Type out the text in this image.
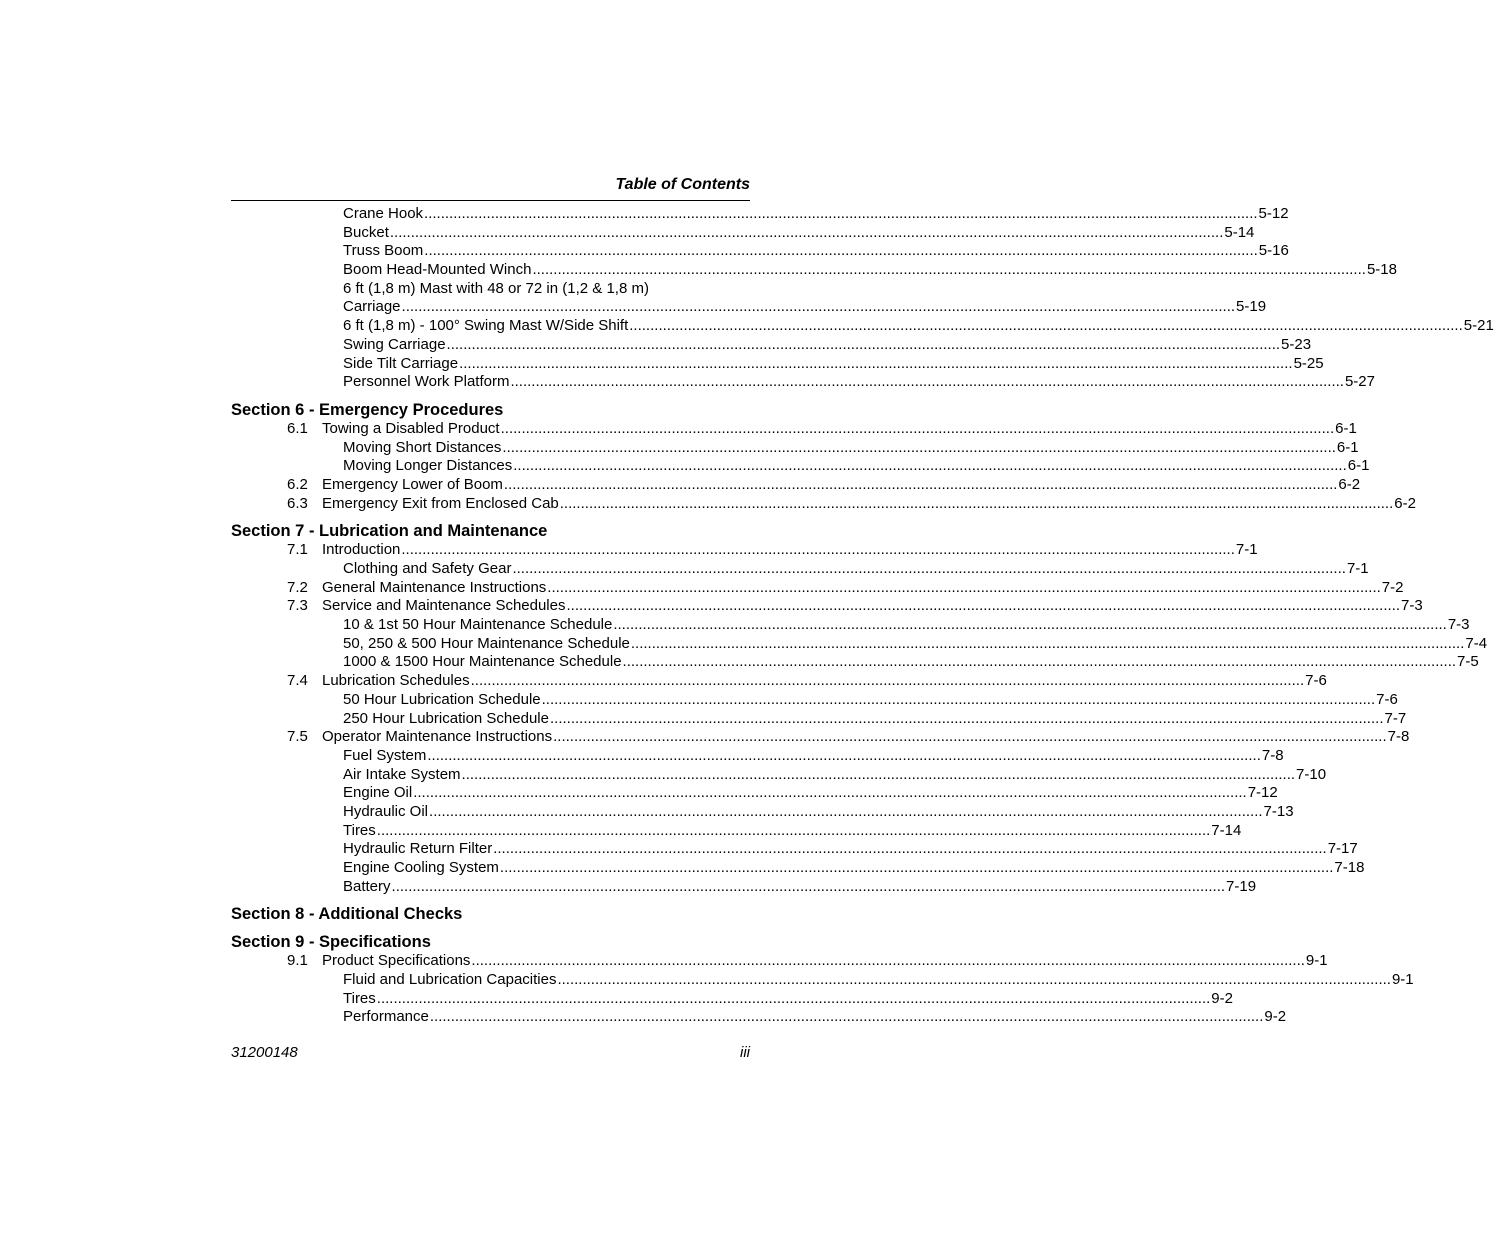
Table of Contents
Crane Hook ........................................................................................................................................................................................................ 5-12
Bucket ........................................................................................................................................................................................................ 5-14
Truss Boom ........................................................................................................................................................................................................ 5-16
Boom Head-Mounted Winch ........................................................................................................................................................................................................ 5-18
6 ft (1,8 m) Mast with 48 or 72 in (1,2 & 1,8 m)
Carriage ........................................................................................................................................................................................................ 5-19
6 ft (1,8 m) - 100° Swing Mast W/Side Shift ........................................................................................................................................................................................................ 5-21
Swing Carriage ........................................................................................................................................................................................................ 5-23
Side Tilt Carriage ........................................................................................................................................................................................................ 5-25
Personnel Work Platform ........................................................................................................................................................................................................ 5-27
Section 6 - Emergency Procedures
6.1 Towing a Disabled Product ........................................................................................................................................................................................................ 6-1
Moving Short Distances ........................................................................................................................................................................................................ 6-1
Moving Longer Distances ........................................................................................................................................................................................................ 6-1
6.2 Emergency Lower of Boom ........................................................................................................................................................................................................ 6-2
6.3 Emergency Exit from Enclosed Cab ........................................................................................................................................................................................................ 6-2
Section 7 - Lubrication and Maintenance
7.1 Introduction ........................................................................................................................................................................................................ 7-1
Clothing and Safety Gear ........................................................................................................................................................................................................ 7-1
7.2 General Maintenance Instructions ........................................................................................................................................................................................................ 7-2
7.3 Service and Maintenance Schedules ........................................................................................................................................................................................................ 7-3
10 & 1st 50 Hour Maintenance Schedule ........................................................................................................................................................................................................ 7-3
50, 250 & 500 Hour Maintenance Schedule ........................................................................................................................................................................................................ 7-4
1000 & 1500 Hour Maintenance Schedule ........................................................................................................................................................................................................ 7-5
7.4 Lubrication Schedules ........................................................................................................................................................................................................ 7-6
50 Hour Lubrication Schedule ........................................................................................................................................................................................................ 7-6
250 Hour Lubrication Schedule ........................................................................................................................................................................................................ 7-7
7.5 Operator Maintenance Instructions ........................................................................................................................................................................................................ 7-8
Fuel System ........................................................................................................................................................................................................ 7-8
Air Intake System ........................................................................................................................................................................................................ 7-10
Engine Oil ........................................................................................................................................................................................................ 7-12
Hydraulic Oil ........................................................................................................................................................................................................ 7-13
Tires ........................................................................................................................................................................................................ 7-14
Hydraulic Return Filter ........................................................................................................................................................................................................ 7-17
Engine Cooling System ........................................................................................................................................................................................................ 7-18
Battery ........................................................................................................................................................................................................ 7-19
Section 8 - Additional Checks
Section 9 - Specifications
9.1 Product Specifications ........................................................................................................................................................................................................ 9-1
Fluid and Lubrication Capacities ........................................................................................................................................................................................................ 9-1
Tires ........................................................................................................................................................................................................ 9-2
Performance ........................................................................................................................................................................................................ 9-2
31200148	iii
